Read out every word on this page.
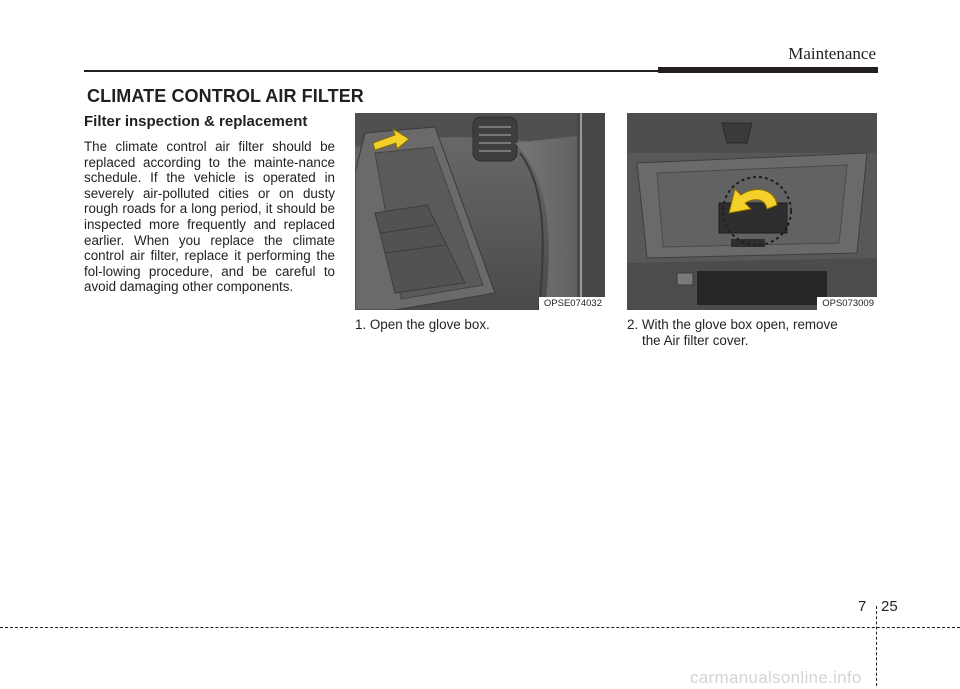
Maintenance
CLIMATE CONTROL AIR FILTER
Filter inspection & replacement

The climate control air filter should be replaced according to the mainte-nance schedule. If the vehicle is operated in severely air-polluted cities or on dusty rough roads for a long period, it should be inspected more frequently and replaced earlier. When you replace the climate control air filter, replace it performing the fol-lowing procedure, and be careful to avoid damaging other components.

OPSE074032	OPS073009

1. Open the glove box.	2. With the glove box open, remove
the Air filter cover.

7 25
carmanualsonline.info
